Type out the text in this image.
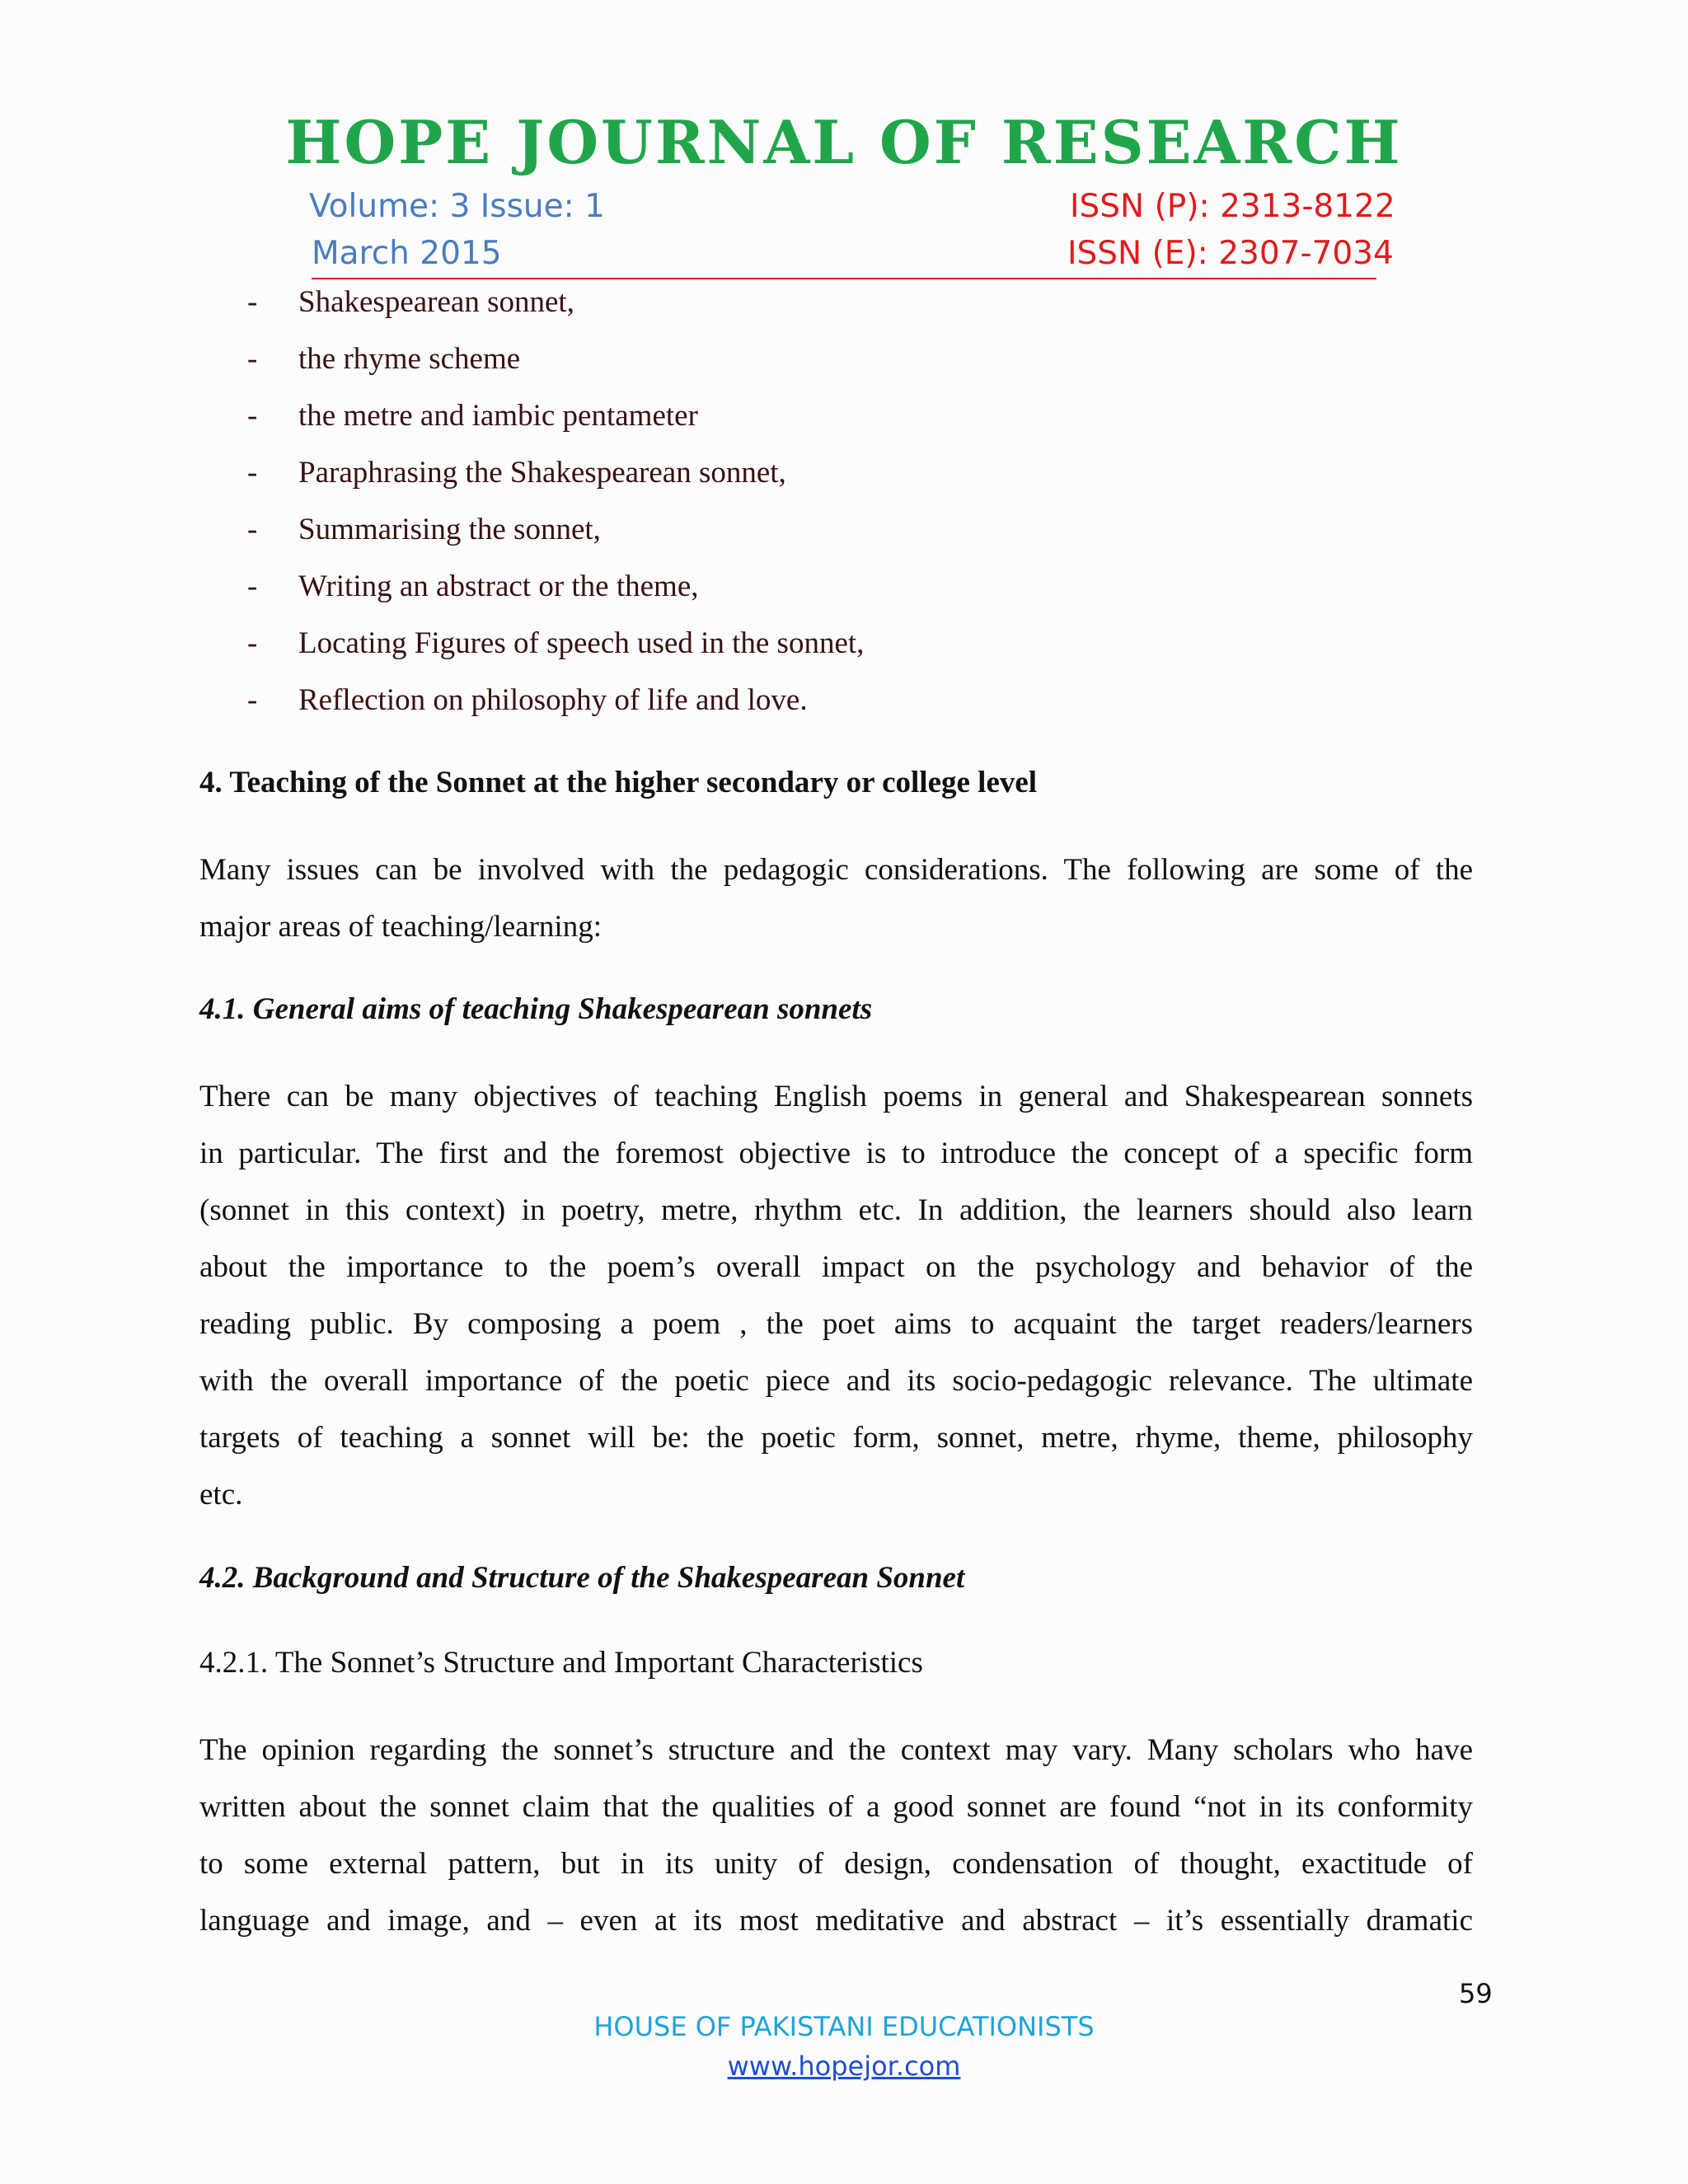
HOPE JOURNAL OF RESEARCH
Volume: 3 Issue: 1
March 2015
ISSN (P): 2313-8122
ISSN (E): 2307-7034
-	Shakespearean sonnet,
-	the rhyme scheme
-	the metre and iambic pentameter
-	Paraphrasing the Shakespearean sonnet,
-	Summarising the sonnet,
-	Writing an abstract or the theme,
-	Locating Figures of speech used in the sonnet,
-	Reflection on philosophy of life and love.
4. Teaching of the Sonnet at the higher secondary or college level
Many issues can be involved with the pedagogic considerations. The following are some of the
major areas of teaching/learning:
4.1. General aims of teaching Shakespearean sonnets
There can be many objectives of teaching English poems in general and Shakespearean sonnets
in particular. The first and the foremost objective is to introduce the concept of a specific form
(sonnet in this context) in poetry, metre, rhythm etc. In addition, the learners should also learn
about the importance to the poem’s overall impact on the psychology and behavior of the
reading public. By composing a poem , the poet aims to acquaint the target readers/learners
with the overall importance of the poetic piece and its socio-pedagogic relevance. The ultimate
targets of teaching a sonnet will be: the poetic form, sonnet, metre, rhyme, theme, philosophy
etc.
4.2. Background and Structure of the Shakespearean Sonnet
4.2.1. The Sonnet’s Structure and Important Characteristics
The opinion regarding the sonnet’s structure and the context may vary. Many scholars who have
written about the sonnet claim that the qualities of a good sonnet are found “not in its conformity
to some external pattern, but in its unity of design, condensation of thought, exactitude of
language and image, and – even at its most meditative and abstract – it’s essentially dramatic
59
HOUSE OF PAKISTANI EDUCATIONISTS
www.hopejor.com
